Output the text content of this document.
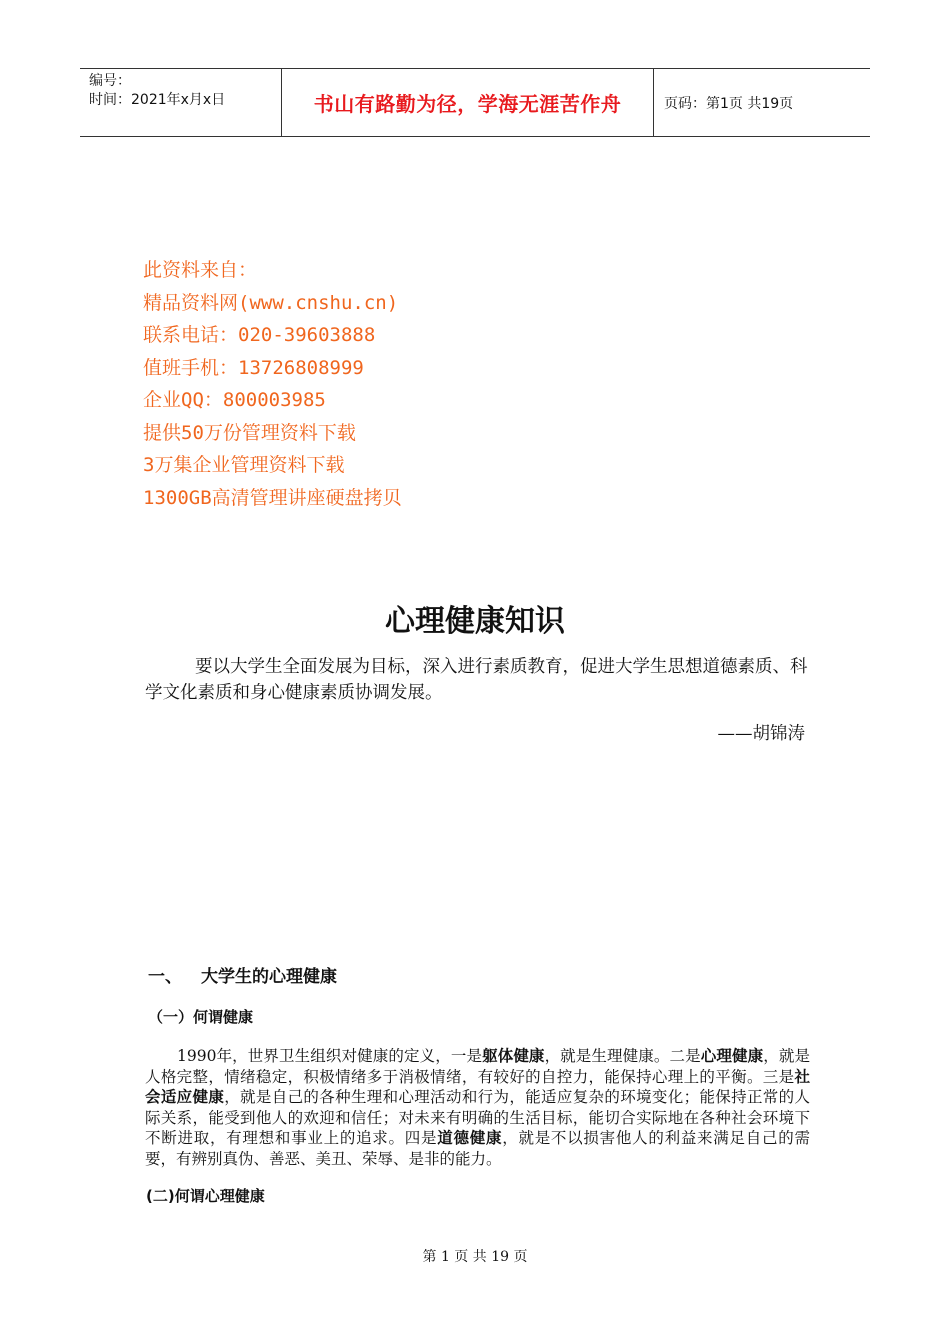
编号：
时间：2021年x月x日	书山有路勤为径，学海无涯苦作舟	页码：第1页 共19页
此资料来自：
精品资料网(www.cnshu.cn)
联系电话：020-39603888
值班手机：13726808999
企业QQ：800003985
提供50万份管理资料下载
3万集企业管理资料下载
1300GB高清管理讲座硬盘拷贝
心理健康知识
要以大学生全面发展为目标，深入进行素质教育，促进大学生思想道德素质、科学文化素质和身心健康素质协调发展。
——胡锦涛
一、 大学生的心理健康
（一）何谓健康
1990年，世界卫生组织对健康的定义，一是躯体健康，就是生理健康。二是心理健康，就是人格完整，情绪稳定，积极情绪多于消极情绪，有较好的自控力，能保持心理上的平衡。三是社会适应健康，就是自己的各种生理和心理活动和行为，能适应复杂的环境变化；能保持正常的人际关系，能受到他人的欢迎和信任；对未来有明确的生活目标，能切合实际地在各种社会环境下不断进取，有理想和事业上的追求。四是道德健康，就是不以损害他人的利益来满足自己的需要，有辨别真伪、善恶、美丑、荣辱、是非的能力。
(二)何谓心理健康
第 1 页 共 19 页
